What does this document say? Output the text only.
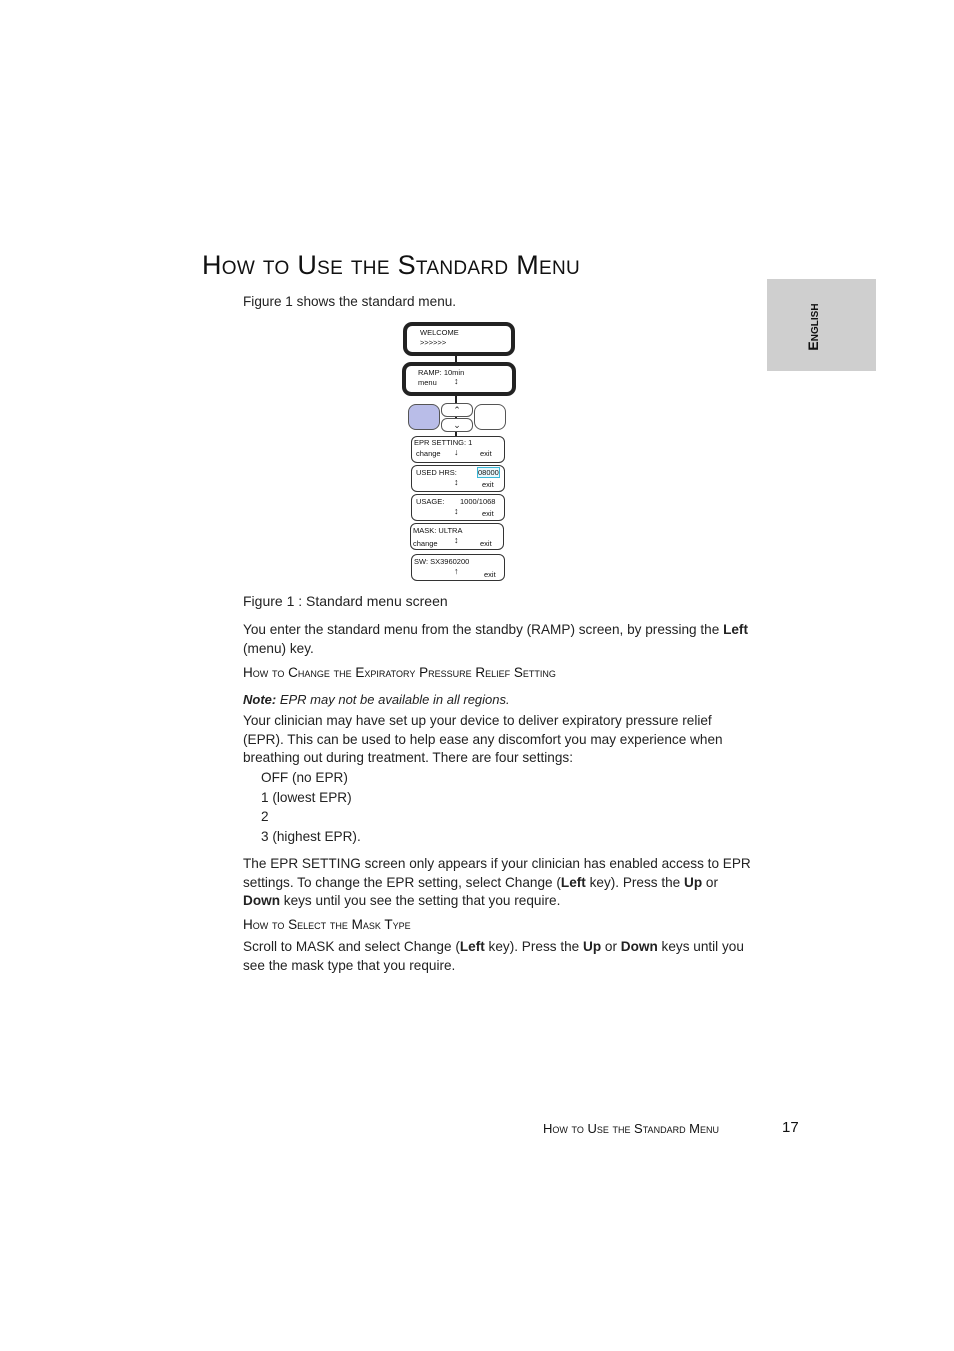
How to Use the Standard Menu
English
Figure 1 shows the standard menu.
WELCOME
>>>>>>
RAMP: 10min
menu ↕
⌃
⌄
EPR SETTING: 1
change ↓	exit
USED HRS:	08000
↕	exit
USAGE: 1000/1068
↕	exit
MASK: ULTRA
change ↕	exit
SW: SX3960200
↑	exit
Figure 1 : Standard menu screen
You enter the standard menu from the standby (RAMP) screen, by pressing the Left (menu) key.
How to Change the Expiratory Pressure Relief Setting
Note: EPR may not be available in all regions.
Your clinician may have set up your device to deliver expiratory pressure relief (EPR). This can be used to help ease any discomfort you may experience when breathing out during treatment. There are four settings:
OFF (no EPR)
1 (lowest EPR)
2
3 (highest EPR).
The EPR SETTING screen only appears if your clinician has enabled access to EPR settings. To change the EPR setting, select Change (Left key). Press the Up or Down keys until you see the setting that you require.
How to Select the Mask Type
Scroll to MASK and select Change (Left key). Press the Up or Down keys until you see the mask type that you require.
How to Use the Standard Menu	17
